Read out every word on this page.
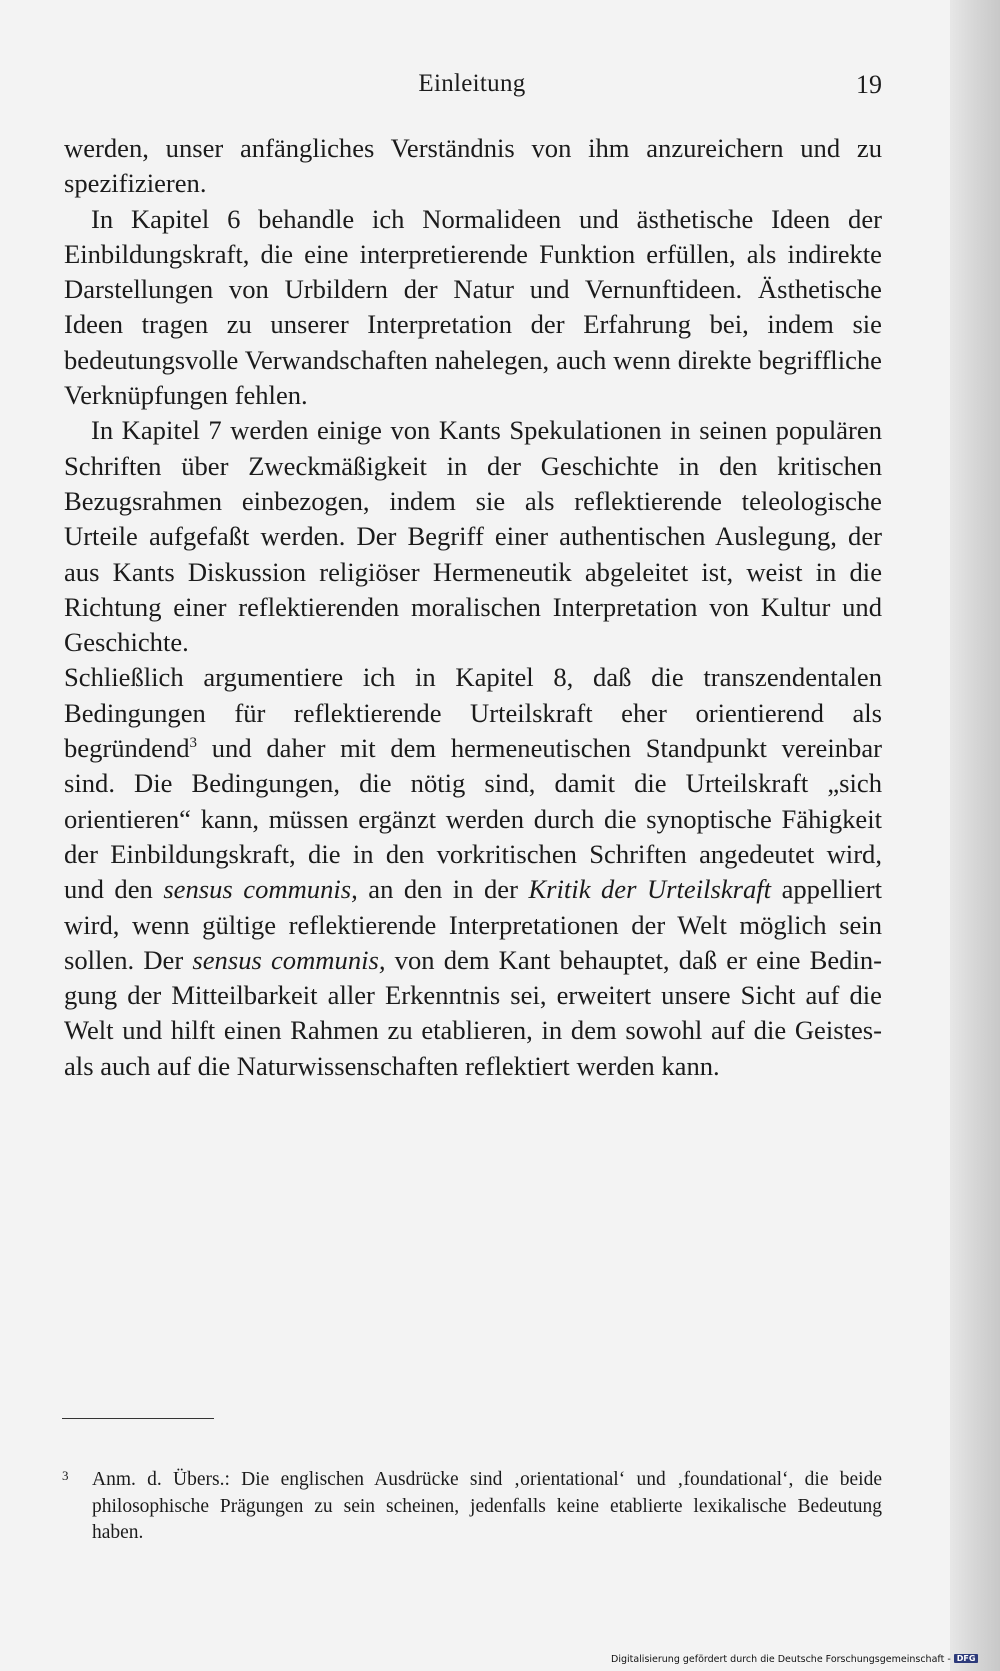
Einleitung	19

werden, unser anfängliches Verständnis von ihm anzureichern und zu spezifizieren.

In Kapitel 6 behandle ich Normalideen und ästhetische Ideen der Einbildungskraft, die eine interpretierende Funktion erfüllen, als indirekte Darstellungen von Urbildern der Natur und Vernunftideen. Ästhetische Ideen tragen zu unserer Interpretation der Erfahrung bei, indem sie bedeutungsvolle Verwandschaften nahelegen, auch wenn direkte begriffliche Verknüpfungen fehlen.

In Kapitel 7 werden einige von Kants Spekulationen in seinen populären Schriften über Zweckmäßigkeit in der Geschichte in den kritischen Bezugsrahmen einbezogen, indem sie als reflektierende teleologische Urteile aufgefaßt werden. Der Begriff einer authentischen Auslegung, der aus Kants Diskussion religiöser Hermeneutik abgeleitet ist, weist in die Richtung einer reflektierenden moralischen Interpretation von Kultur und Geschichte.

Schließlich argumentiere ich in Kapitel 8, daß die transzendentalen Bedingungen für reflektierende Urteilskraft eher orientierend als begründend$^3$ und daher mit dem hermeneutischen Standpunkt vereinbar sind. Die Bedingungen, die nötig sind, damit die Urteilskraft „sich orientieren“ kann, müssen ergänzt werden durch die synoptische Fähigkeit der Einbildungskraft, die in den vorkritischen Schriften angedeutet wird, und den sensus communis, an den in der Kritik der Urteilskraft appelliert wird, wenn gültige reflektierende Interpretationen der Welt möglich sein sollen. Der sensus communis, von dem Kant behauptet, daß er eine Bedingung der Mitteilbarkeit aller Erkenntnis sei, erweitert unsere Sicht auf die Welt und hilft einen Rahmen zu etablieren, in dem sowohl auf die Geistes- als auch auf die Naturwissenschaften reflektiert werden kann.

3 Anm. d. Übers.: Die englischen Ausdrücke sind ‚orientational‘ und ‚foundational‘, die beide philosophische Prägungen zu sein scheinen, jedenfalls keine etablierte lexikalische Bedeutung haben.
Digitalisierung gefördert durch die Deutsche Forschungsgemeinschaft - DFG
